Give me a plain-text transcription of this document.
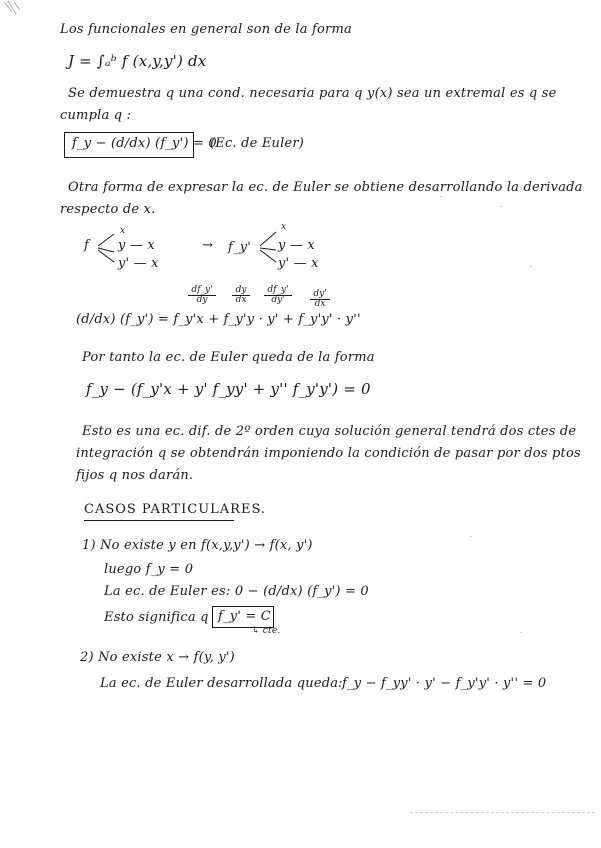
Los funcionales en general son de la forma
J = ∫ₐᵇ f (x,y,y') dx
Se demuestra q una cond. necesaria para q y(x) sea un extremal es q se
cumpla q :
f_y − (d/dx) (f_y') = 0
(Ec. de Euler)
Otra forma de expresar la ec. de Euler se obtiene desarrollando la derivada
respecto de x.
f
x
y — x
y' — x
→ f_y'
x
y — x
y' — x
df_y'
dy
dy
dx
df_y'
dy'
dy'
dx
(d/dx) (f_y') = f_y'x + f_y'y · y' + f_y'y' · y''
Por tanto la ec. de Euler queda de la forma
f_y − (f_y'x + y' f_yy' + y'' f_y'y') = 0
Esto es una ec. dif. de 2º orden cuya solución general tendrá dos ctes de
integración q se obtendrán imponiendo la condición de pasar por dos ptos
fijos q nos darán.
CASOS PARTICULARES.
1) No existe y en f(x,y,y') → f(x, y')
luego f_y = 0
La ec. de Euler es: 0 − (d/dx) (f_y') = 0
Esto significa q f_y' = C
↳ cte.
2) No existe x → f(y, y')
La ec. de Euler desarrollada queda: f_y − f_yy' · y' − f_y'y' · y'' = 0
